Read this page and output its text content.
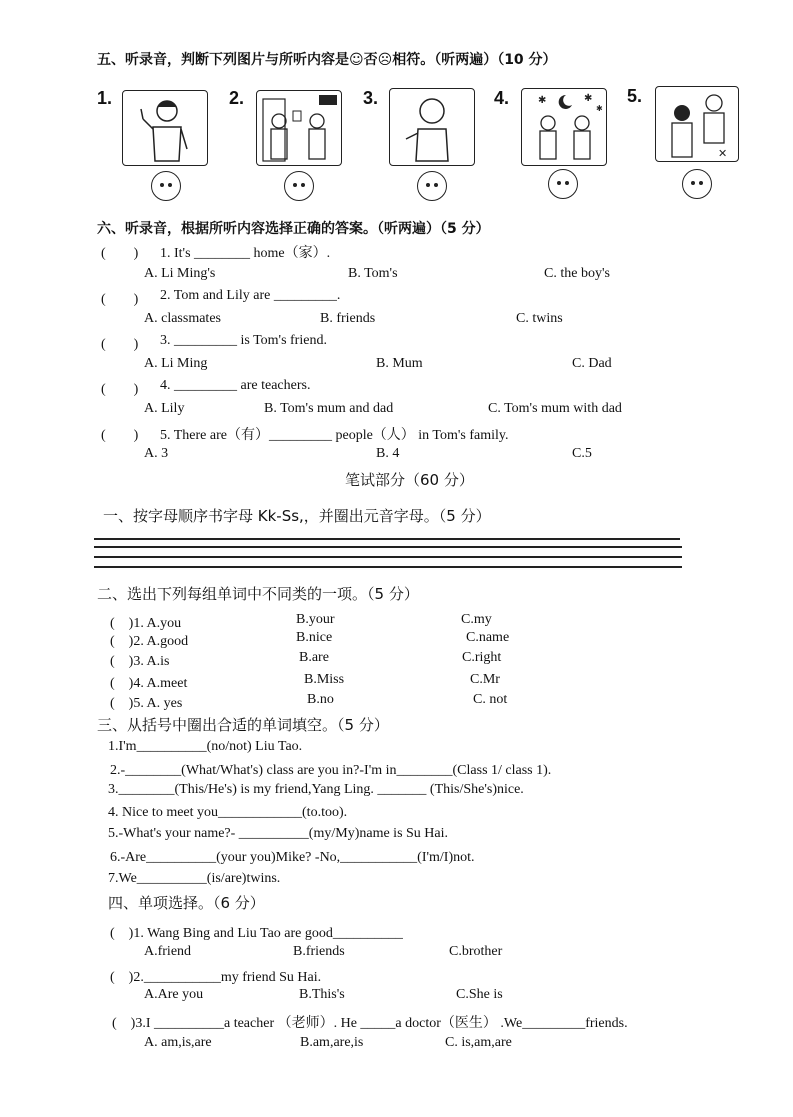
五、听录音，判断下列图片与所听内容是☺否☹相符。（听两遍）（10 分）
1.	2.	3.	4.	✱	✱
✱
5.
✕
六、听录音，根据所听内容选择正确的答案。（听两遍）（5 分）
(　　) 1. It's ________ home（家）.
A. Li Ming's	B. Tom's	C. the boy's
(　　) 2. Tom and Lily are _________.
A. classmates	B. friends	C. twins
(　　) 3. _________ is Tom's friend.
A. Li Ming	B. Mum	C. Dad
(　　) 4. _________ are teachers.
A. Lily	B. Tom's mum and dad	C. Tom's mum with dad
(　　) 5. There are（有）_________ people（人） in Tom's family.
A. 3	B. 4	C.5
笔试部分（60 分）
一、按字母顺序书字母 Kk-Ss,，并圈出元音字母。（5 分）
二、选出下列每组单词中不同类的一项。（5 分）
(　)1. A.you	B.your	C.my
(　)2. A.good	B.nice	C.name
(　)3. A.is	B.are	C.right
(　)4. A.meet	B.Miss	C.Mr
(　)5. A. yes	B.no	C. not
三、从括号中圈出合适的单词填空。（5 分）
1.I'm__________(no/not) Liu Tao.
2.-________(What/What's) class are you in?-I'm in________(Class 1/ class 1).
3.________(This/He's) is my friend,Yang Ling. _______ (This/She's)nice.
4. Nice to meet you____________(to.too).
5.-What's your name?- __________(my/My)name is Su Hai.
6.-Are__________(your you)Mike? -No,___________(I'm/I)not.
7.We__________(is/are)twins.
四、单项选择。（6 分）
(　)1. Wang Bing and Liu Tao are good__________
A.friend	B.friends	C.brother
(　)2.___________my friend Su Hai.
A.Are you	B.This's	C.She is
(　)3.I __________a teacher （老师）. He _____a doctor（医生） .We_________friends.
A. am,is,are	B.am,are,is	C. is,am,are
